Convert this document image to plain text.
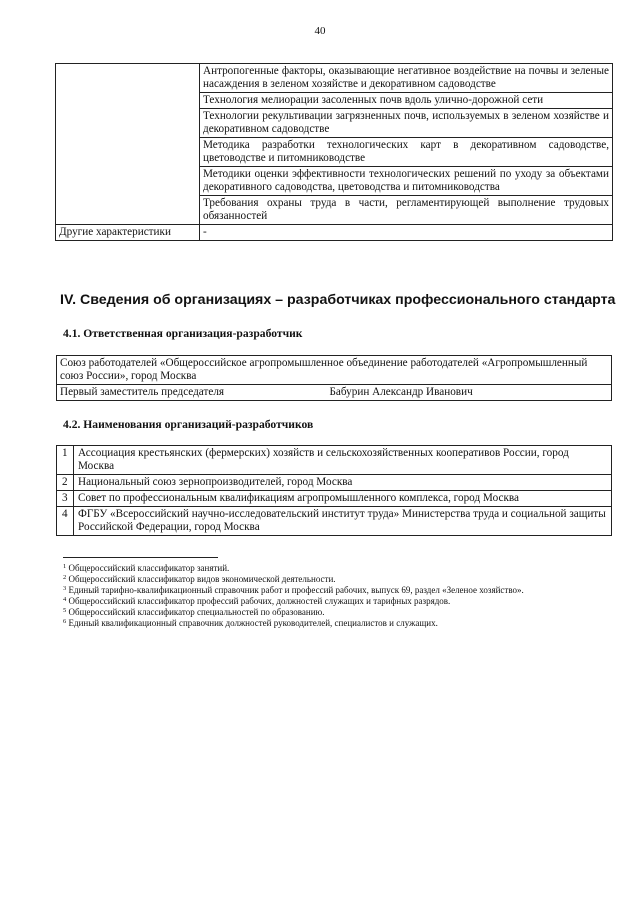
40
	Антропогенные факторы, оказывающие негативное воздействие на почвы и зеленые насаждения в зеленом хозяйстве и декоративном садоводстве
	Технология мелиорации засоленных почв вдоль улично-дорожной сети
	Технологии рекультивации загрязненных почв, используемых в зеленом хозяйстве и декоративном садоводстве
	Методика разработки технологических карт в декоративном садоводстве, цветоводстве и питомниководстве
	Методики оценки эффективности технологических решений по уходу за объектами декоративного садоводства, цветоводства и питомниководства
	Требования охраны труда в части, регламентирующей выполнение трудовых обязанностей
Другие характеристики	-
IV. Сведения об организациях – разработчиках профессионального стандарта
4.1. Ответственная организация-разработчик
Союз работодателей «Общероссийское агропромышленное объединение работодателей «Агропромышленный союз России», город Москва
Первый заместитель председателя	Бабурин Александр Иванович
4.2. Наименования организаций-разработчиков
1	Ассоциация крестьянских (фермерских) хозяйств и сельскохозяйственных кооперативов России, город Москва
2	Национальный союз зернопроизводителей, город Москва
3	Совет по профессиональным квалификациям агропромышленного комплекса, город Москва
4	ФГБУ «Всероссийский научно-исследовательский институт труда» Министерства труда и социальной защиты Российской Федерации, город Москва
$^1$ Общероссийский классификатор занятий.
$^2$ Общероссийский классификатор видов экономической деятельности.
$^3$ Единый тарифно-квалификационный справочник работ и профессий рабочих, выпуск 69, раздел «Зеленое хозяйство».
$^4$ Общероссийский классификатор профессий рабочих, должностей служащих и тарифных разрядов.
$^5$ Общероссийский классификатор специальностей по образованию.
$^6$ Единый квалификационный справочник должностей руководителей, специалистов и служащих.
